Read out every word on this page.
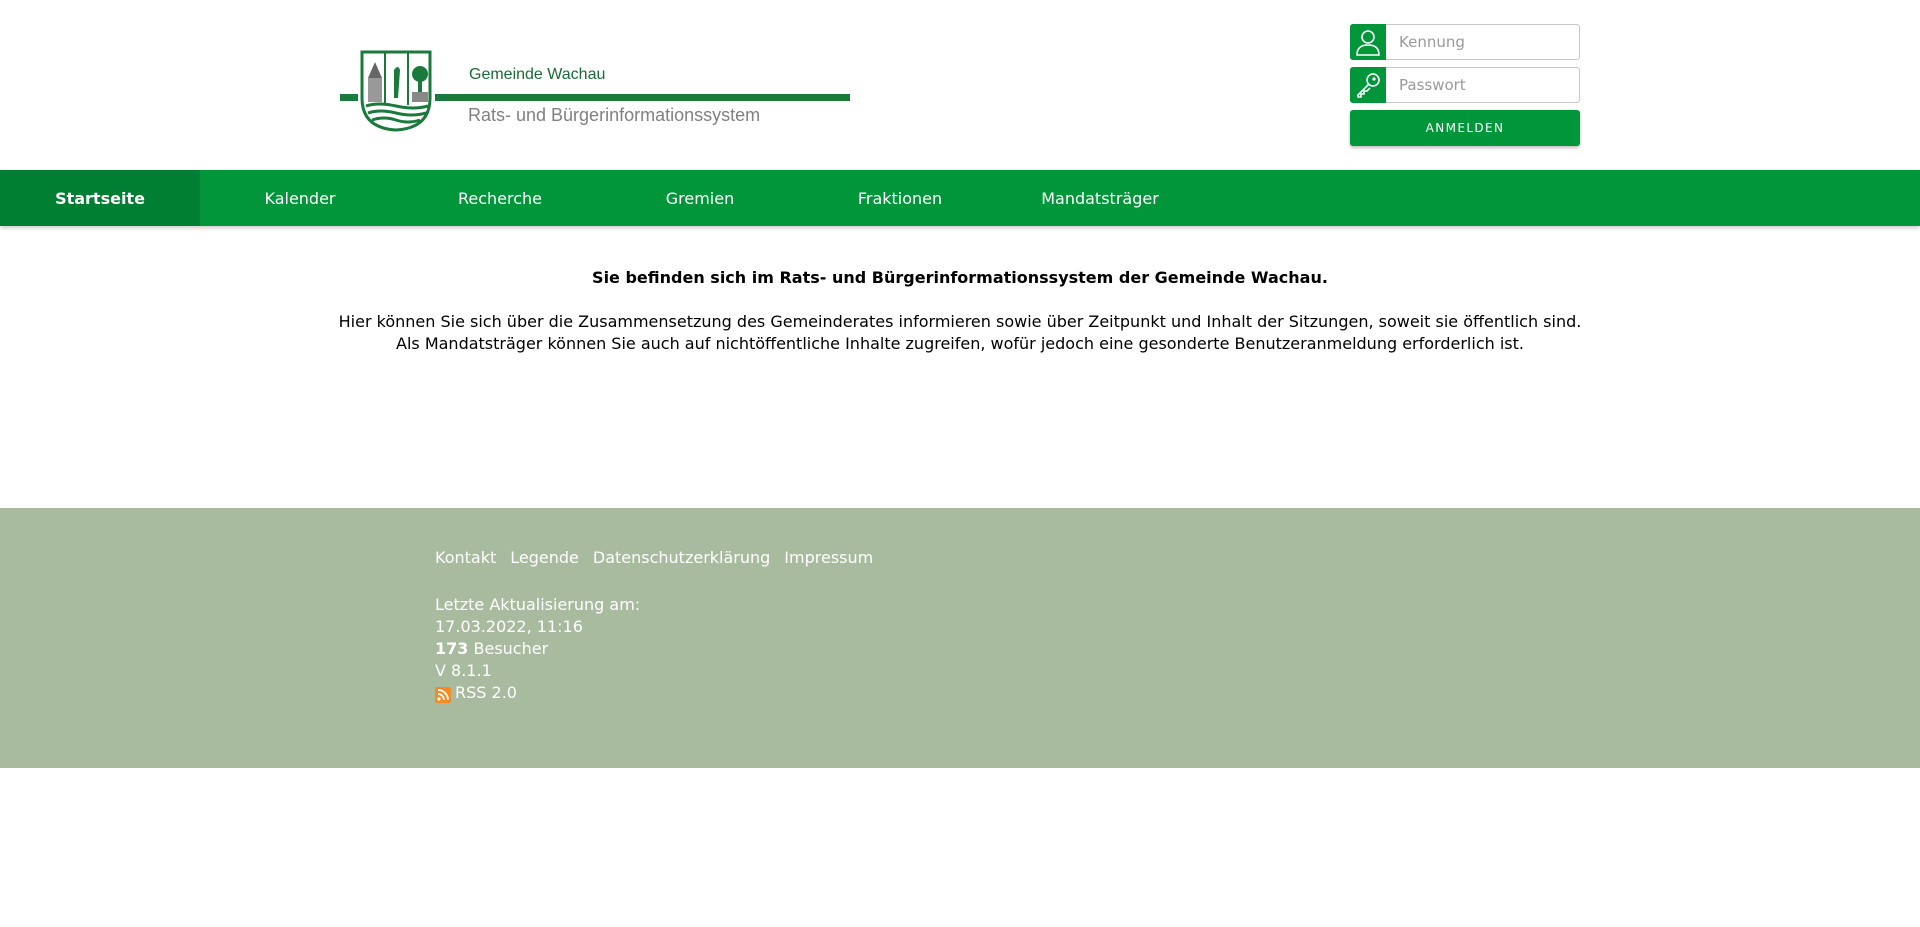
Gemeinde Wachau
Rats- und Bürgerinformationssystem
Kennung
ANMELDEN
Startseite	Kalender	Recherche	Gremien	Fraktionen	Mandatsträger

Sie befinden sich im Rats- und Bürgerinformationssystem der Gemeinde Wachau.

Hier können Sie sich über die Zusammensetzung des Gemeinderates informieren sowie über Zeitpunkt und Inhalt der Sitzungen, soweit sie öffentlich sind.

Als Mandatsträger können Sie auch auf nichtöffentliche Inhalte zugreifen, wofür jedoch eine gesonderte Benutzeranmeldung erforderlich ist.

Kontakt Legende Datenschutzerklärung Impressum
Letzte Aktualisierung am:
17.03.2022, 11:16
173 Besucher
V 8.1.1
RSS 2.0
